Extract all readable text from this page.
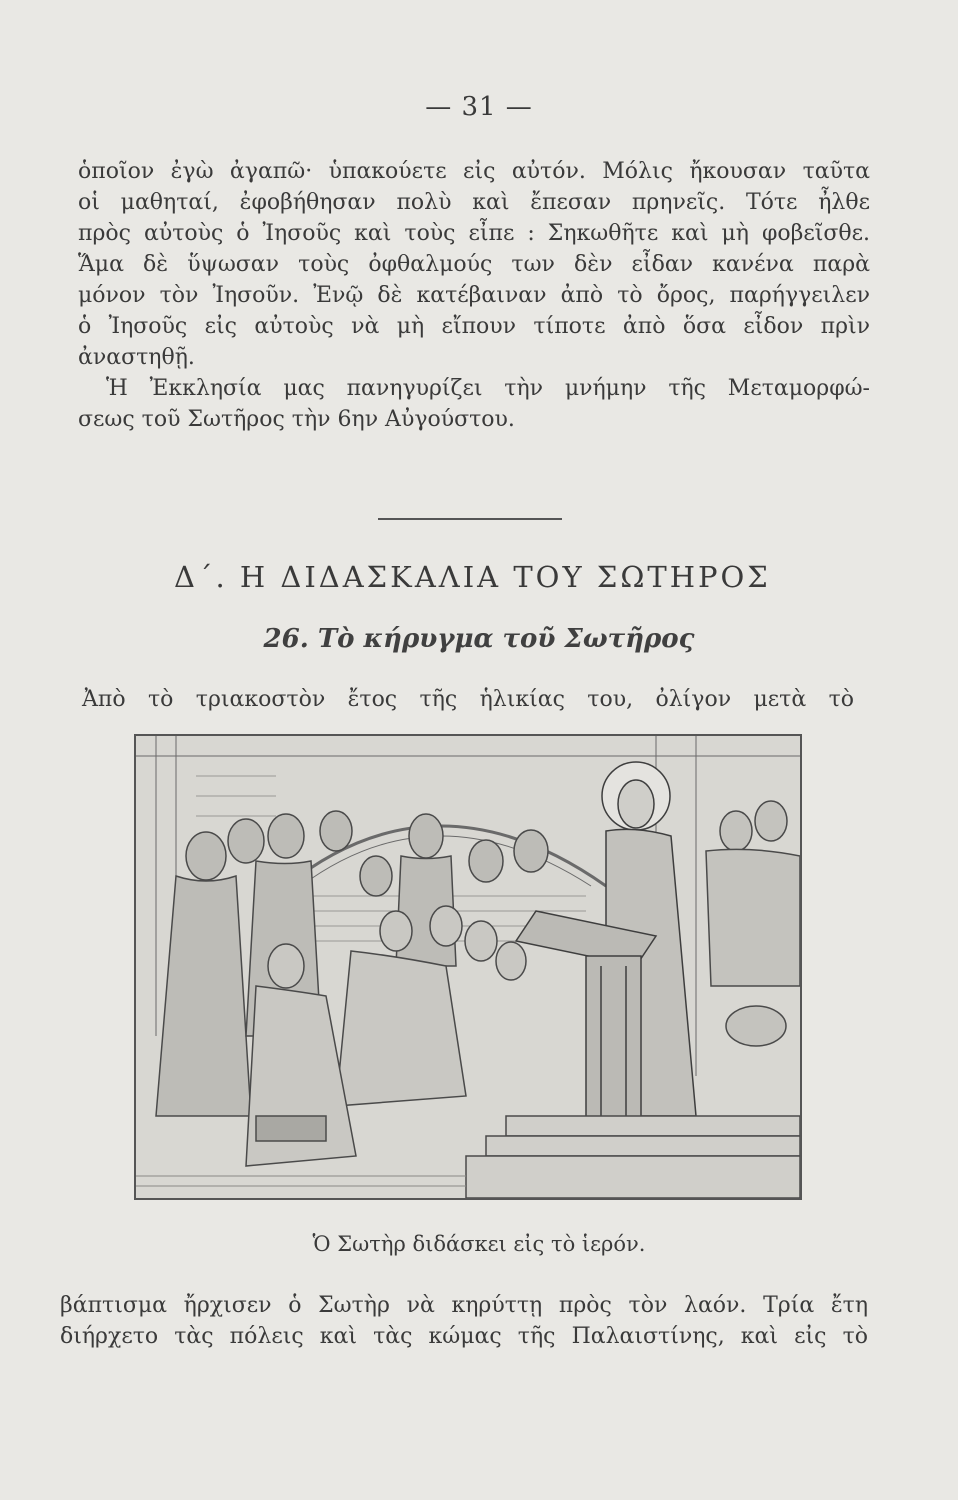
— 31 —
ὁποῖον ἐγὼ ἀγαπῶ· ὑπακούετε εἰς αὐτόν. Μόλις ἤκουσαν ταῦτα
οἱ μαθηταί, ἐφοβήθησαν πολὺ καὶ ἔπεσαν πρηνεῖς. Τότε ἦλθε
πρὸς αὐτοὺς ὁ Ἰησοῦς καὶ τοὺς εἶπε : Σηκωθῆτε καὶ μὴ φοβεῖσθε.
Ἅμα δὲ ὕψωσαν τοὺς ὀφθαλμούς των δὲν εἶδαν κανένα παρὰ
μόνον τὸν Ἰησοῦν. Ἐνῷ δὲ κατέβαιναν ἀπὸ τὸ ὄρος, παρήγγειλεν
ὁ Ἰησοῦς εἰς αὐτοὺς νὰ μὴ εἴπουν τίποτε ἀπὸ ὅσα εἶδον πρὶν
ἀναστηθῇ.
Ἡ Ἐκκλησία μας πανηγυρίζει τὴν μνήμην τῆς Μεταμορφώ-
σεως τοῦ Σωτῆρος τὴν 6ην Αὐγούστου.
Δ΄. Η ΔΙΔΑΣΚΑΛΙΑ ΤΟΥ ΣΩΤΗΡΟΣ
26. Τὸ κήρυγμα τοῦ Σωτῆρος
Ἀπὸ τὸ τριακοστὸν ἔτος τῆς ἡλικίας του, ὀλίγον μετὰ τὸ
Ὁ Σωτὴρ διδάσκει εἰς τὸ ἱερόν.
βάπτισμα ἤρχισεν ὁ Σωτὴρ νὰ κηρύττῃ πρὸς τὸν λαόν. Τρία ἔτη
διήρχετο τὰς πόλεις καὶ τὰς κώμας τῆς Παλαιστίνης, καὶ εἰς τὸ
